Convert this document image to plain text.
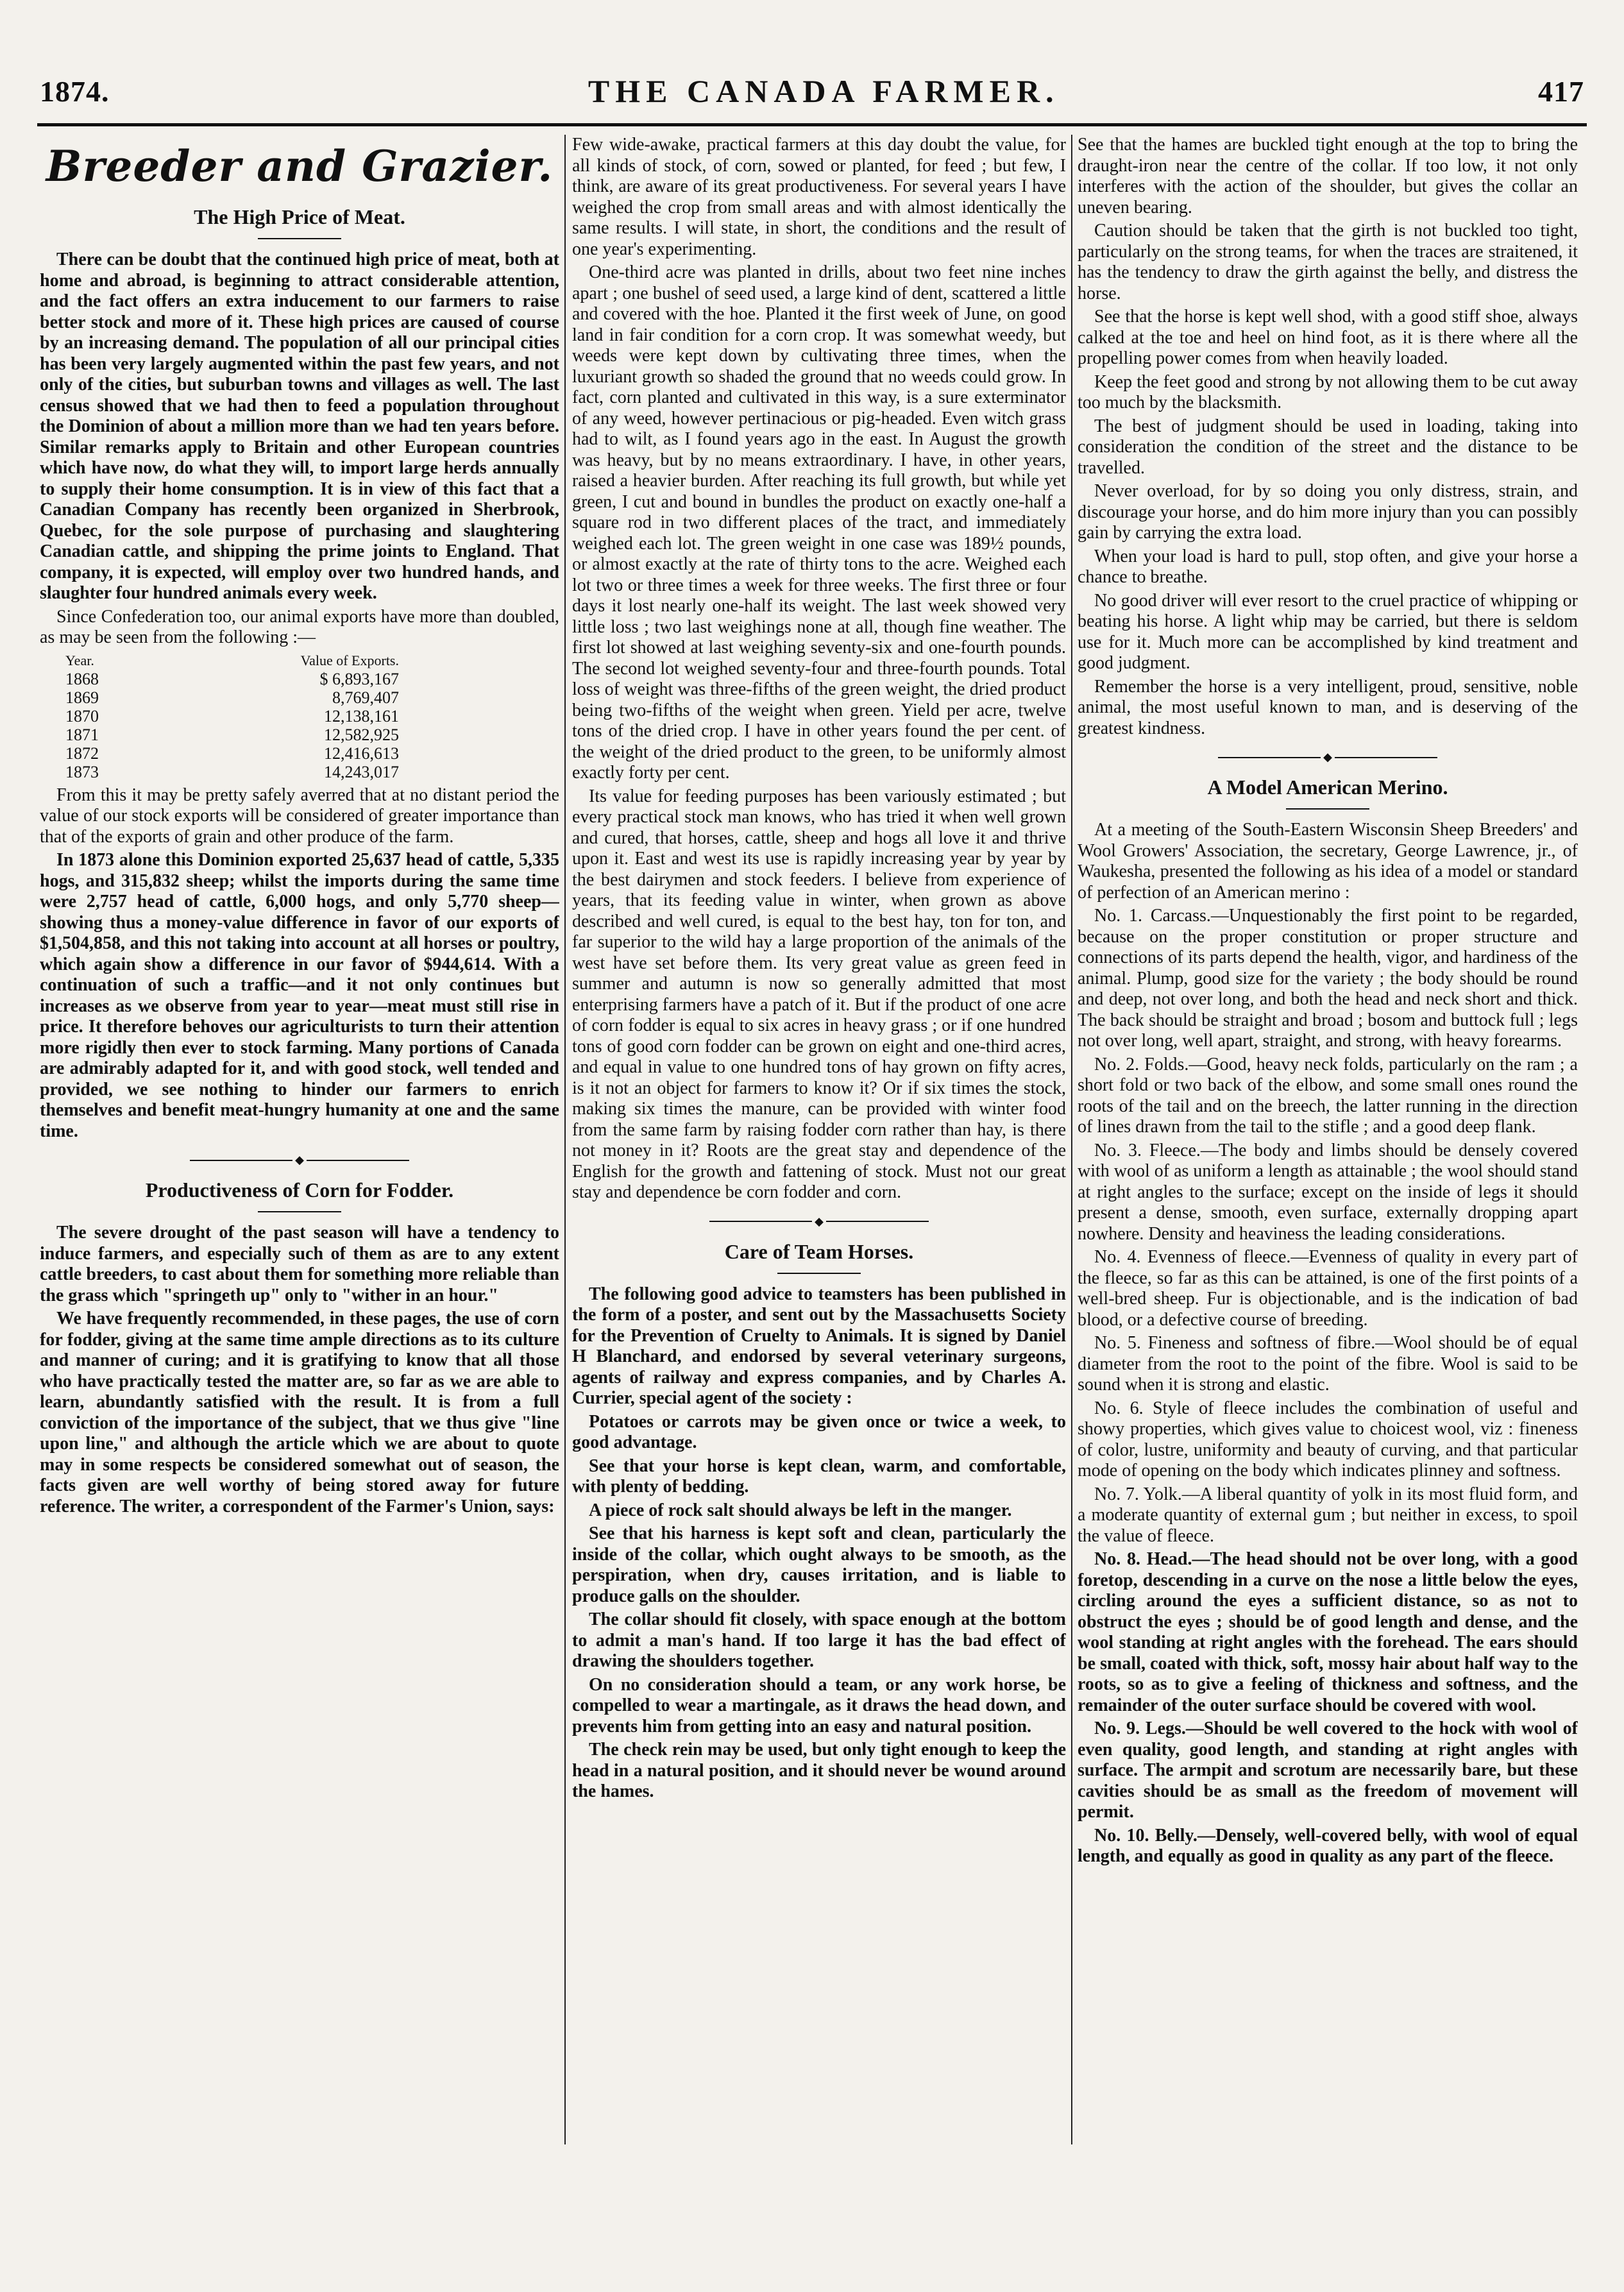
1874.	THE CANADA FARMER.	417
Breeder and Grazier.
The High Price of Meat.

There can be doubt that the continued high price of meat, both at home and abroad, is beginning to attract considerable attention, and the fact offers an extra inducement to our farmers to raise better stock and more of it. These high prices are caused of course by an increasing demand. The population of all our principal cities has been very largely augmented within the past few years, and not only of the cities, but suburban towns and villages as well. The last census showed that we had then to feed a population throughout the Dominion of about a million more than we had ten years before. Similar remarks apply to Britain and other European countries which have now, do what they will, to import large herds annually to supply their home consumption. It is in view of this fact that a Canadian Company has recently been organized in Sherbrook, Quebec, for the sole purpose of purchasing and slaughtering Canadian cattle, and shipping the prime joints to England. That company, it is expected, will employ over two hundred hands, and slaughter four hundred animals every week.

Since Confederation too, our animal exports have more than doubled, as may be seen from the following :—

Year.	Value of Exports.
1868	$ 6,893,167
1869	8,769,407
1870	12,138,161
1871	12,582,925
1872	12,416,613
1873	14,243,017

From this it may be pretty safely averred that at no distant period the value of our stock exports will be considered of greater importance than that of the exports of grain and other produce of the farm.

In 1873 alone this Dominion exported 25,637 head of cattle, 5,335 hogs, and 315,832 sheep; whilst the imports during the same time were 2,757 head of cattle, 6,000 hogs, and only 5,770 sheep—showing thus a money-value difference in favor of our exports of $1,504,858, and this not taking into account at all horses or poultry, which again show a difference in our favor of $944,614. With a continuation of such a traffic—and it not only continues but increases as we observe from year to year—meat must still rise in price. It therefore behoves our agriculturists to turn their attention more rigidly then ever to stock farming. Many portions of Canada are admirably adapted for it, and with good stock, well tended and provided, we see nothing to hinder our farmers to enrich themselves and benefit meat-hungry humanity at one and the same time.

◆
Productiveness of Corn for Fodder.

The severe drought of the past season will have a tendency to induce farmers, and especially such of them as are to any extent cattle breeders, to cast about them for something more reliable than the grass which "springeth up" only to "wither in an hour."

We have frequently recommended, in these pages, the use of corn for fodder, giving at the same time ample directions as to its culture and manner of curing; and it is gratifying to know that all those who have practically tested the matter are, so far as we are able to learn, abundantly satisfied with the result. It is from a full conviction of the importance of the subject, that we thus give "line upon line," and although the article which we are about to quote may in some respects be considered somewhat out of season, the facts given are well worthy of being stored away for future reference. The writer, a correspondent of the Farmer's Union, says:

Few wide-awake, practical farmers at this day doubt the value, for all kinds of stock, of corn, sowed or planted, for feed ; but few, I think, are aware of its great productiveness. For several years I have weighed the crop from small areas and with almost identically the same results. I will state, in short, the conditions and the result of one year's experimenting.

One-third acre was planted in drills, about two feet nine inches apart ; one bushel of seed used, a large kind of dent, scattered a little and covered with the hoe. Planted it the first week of June, on good land in fair condition for a corn crop. It was somewhat weedy, but weeds were kept down by cultivating three times, when the luxuriant growth so shaded the ground that no weeds could grow. In fact, corn planted and cultivated in this way, is a sure exterminator of any weed, however pertinacious or pig-headed. Even witch grass had to wilt, as I found years ago in the east. In August the growth was heavy, but by no means extraordinary. I have, in other years, raised a heavier burden. After reaching its full growth, but while yet green, I cut and bound in bundles the product on exactly one-half a square rod in two different places of the tract, and immediately weighed each lot. The green weight in one case was 189½ pounds, or almost exactly at the rate of thirty tons to the acre. Weighed each lot two or three times a week for three weeks. The first three or four days it lost nearly one-half its weight. The last week showed very little loss ; two last weighings none at all, though fine weather. The first lot showed at last weighing seventy-six and one-fourth pounds. The second lot weighed seventy-four and three-fourth pounds. Total loss of weight was three-fifths of the green weight, the dried product being two-fifths of the weight when green. Yield per acre, twelve tons of the dried crop. I have in other years found the per cent. of the weight of the dried product to the green, to be uniformly almost exactly forty per cent.

Its value for feeding purposes has been variously estimated ; but every practical stock man knows, who has tried it when well grown and cured, that horses, cattle, sheep and hogs all love it and thrive upon it. East and west its use is rapidly increasing year by year by the best dairymen and stock feeders. I believe from experience of years, that its feeding value in winter, when grown as above described and well cured, is equal to the best hay, ton for ton, and far superior to the wild hay a large proportion of the animals of the west have set before them. Its very great value as green feed in summer and autumn is now so generally admitted that most enterprising farmers have a patch of it. But if the product of one acre of corn fodder is equal to six acres in heavy grass ; or if one hundred tons of good corn fodder can be grown on eight and one-third acres, and equal in value to one hundred tons of hay grown on fifty acres, is it not an object for farmers to know it? Or if six times the stock, making six times the manure, can be provided with winter food from the same farm by raising fodder corn rather than hay, is there not money in it? Roots are the great stay and dependence of the English for the growth and fattening of stock. Must not our great stay and dependence be corn fodder and corn.

◆
Care of Team Horses.

The following good advice to teamsters has been published in the form of a poster, and sent out by the Massachusetts Society for the Prevention of Cruelty to Animals. It is signed by Daniel H Blanchard, and endorsed by several veterinary surgeons, agents of railway and express companies, and by Charles A. Currier, special agent of the society :

Potatoes or carrots may be given once or twice a week, to good advantage.

See that your horse is kept clean, warm, and comfortable, with plenty of bedding.

A piece of rock salt should always be left in the manger.

See that his harness is kept soft and clean, particularly the inside of the collar, which ought always to be smooth, as the perspiration, when dry, causes irritation, and is liable to produce galls on the shoulder.

The collar should fit closely, with space enough at the bottom to admit a man's hand. If too large it has the bad effect of drawing the shoulders together.

On no consideration should a team, or any work horse, be compelled to wear a martingale, as it draws the head down, and prevents him from getting into an easy and natural position.

The check rein may be used, but only tight enough to keep the head in a natural position, and it should never be wound around the hames.

See that the hames are buckled tight enough at the top to bring the draught-iron near the centre of the collar. If too low, it not only interferes with the action of the shoulder, but gives the collar an uneven bearing.

Caution should be taken that the girth is not buckled too tight, particularly on the strong teams, for when the traces are straitened, it has the tendency to draw the girth against the belly, and distress the horse.

See that the horse is kept well shod, with a good stiff shoe, always calked at the toe and heel on hind foot, as it is there where all the propelling power comes from when heavily loaded.

Keep the feet good and strong by not allowing them to be cut away too much by the blacksmith.

The best of judgment should be used in loading, taking into consideration the condition of the street and the distance to be travelled.

Never overload, for by so doing you only distress, strain, and discourage your horse, and do him more injury than you can possibly gain by carrying the extra load.

When your load is hard to pull, stop often, and give your horse a chance to breathe.

No good driver will ever resort to the cruel practice of whipping or beating his horse. A light whip may be carried, but there is seldom use for it. Much more can be accomplished by kind treatment and good judgment.

Remember the horse is a very intelligent, proud, sensitive, noble animal, the most useful known to man, and is deserving of the greatest kindness.

◆
A Model American Merino.

At a meeting of the South-Eastern Wisconsin Sheep Breeders' and Wool Growers' Association, the secretary, George Lawrence, jr., of Waukesha, presented the following as his idea of a model or standard of perfection of an American merino :

No. 1. Carcass.—Unquestionably the first point to be regarded, because on the proper constitution or proper structure and connections of its parts depend the health, vigor, and hardiness of the animal. Plump, good size for the variety ; the body should be round and deep, not over long, and both the head and neck short and thick. The back should be straight and broad ; bosom and buttock full ; legs not over long, well apart, straight, and strong, with heavy forearms.

No. 2. Folds.—Good, heavy neck folds, particularly on the ram ; a short fold or two back of the elbow, and some small ones round the roots of the tail and on the breech, the latter running in the direction of lines drawn from the tail to the stifle ; and a good deep flank.

No. 3. Fleece.—The body and limbs should be densely covered with wool of as uniform a length as attainable ; the wool should stand at right angles to the surface; except on the inside of legs it should present a dense, smooth, even surface, externally dropping apart nowhere. Density and heaviness the leading considerations.

No. 4. Evenness of fleece.—Evenness of quality in every part of the fleece, so far as this can be attained, is one of the first points of a well-bred sheep. Fur is objectionable, and is the indication of bad blood, or a defective course of breeding.

No. 5. Fineness and softness of fibre.—Wool should be of equal diameter from the root to the point of the fibre. Wool is said to be sound when it is strong and elastic.

No. 6. Style of fleece includes the combination of useful and showy properties, which gives value to choicest wool, viz : fineness of color, lustre, uniformity and beauty of curving, and that particular mode of opening on the body which indicates plinney and softness.

No. 7. Yolk.—A liberal quantity of yolk in its most fluid form, and a moderate quantity of external gum ; but neither in excess, to spoil the value of fleece.

No. 8. Head.—The head should not be over long, with a good foretop, descending in a curve on the nose a little below the eyes, circling around the eyes a sufficient distance, so as not to obstruct the eyes ; should be of good length and dense, and the wool standing at right angles with the forehead. The ears should be small, coated with thick, soft, mossy hair about half way to the roots, so as to give a feeling of thickness and softness, and the remainder of the outer surface should be covered with wool.

No. 9. Legs.—Should be well covered to the hock with wool of even quality, good length, and standing at right angles with surface. The armpit and scrotum are necessarily bare, but these cavities should be as small as the freedom of movement will permit.

No. 10. Belly.—Densely, well-covered belly, with wool of equal length, and equally as good in quality as any part of the fleece.
